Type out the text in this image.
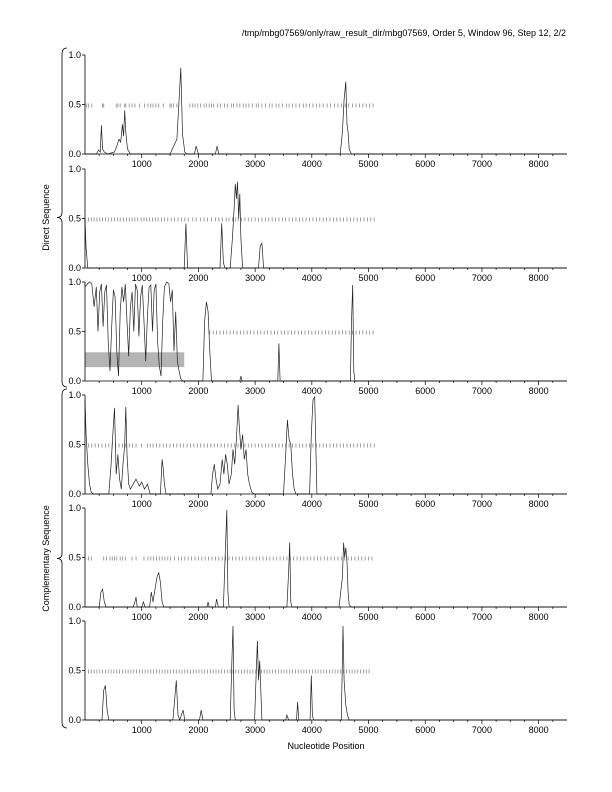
/tmp/mbg07569/only/raw_result_dir/mbg07569, Order 5, Window 96, Step 12, 2/2
0.0
0.5
1.0
1000	2000	3000	4000	5000	6000	7000	8000
0.0
0.5
1.0
1000	2000	3000	4000	5000	6000	7000	8000
0.0
0.5
1.0
1000	2000	3000	4000	5000	6000	7000	8000
0.0
0.5
1.0
1000	2000	3000	4000	5000	6000	7000	8000
0.0
0.5
1.0
1000	2000	3000	4000	5000	6000	7000	8000
0.0
0.5
1.0
1000	2000	3000	4000	5000	6000	7000	8000
Direct Sequence
Complementary Sequence
Nucleotide Position
